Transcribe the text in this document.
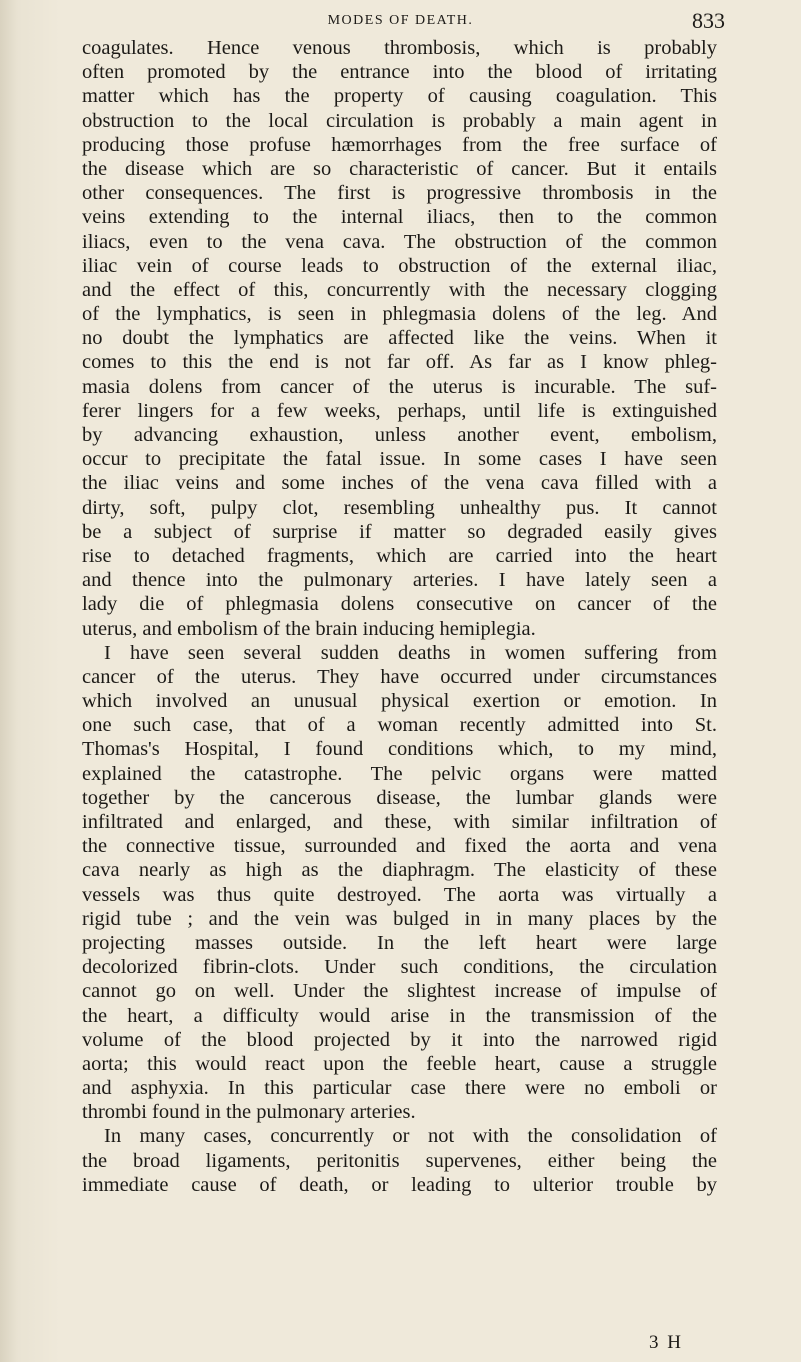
MODES OF DEATH.	833
coagulates. Hence venous thrombosis, which is probably
often promoted by the entrance into the blood of irritating
matter which has the property of causing coagulation. This
obstruction to the local circulation is probably a main agent in
producing those profuse hæmorrhages from the free surface of
the disease which are so characteristic of cancer. But it entails
other consequences. The first is progressive thrombosis in the
veins extending to the internal iliacs, then to the common
iliacs, even to the vena cava. The obstruction of the common
iliac vein of course leads to obstruction of the external iliac,
and the effect of this, concurrently with the necessary clogging
of the lymphatics, is seen in phlegmasia dolens of the leg. And
no doubt the lymphatics are affected like the veins. When it
comes to this the end is not far off. As far as I know phleg-
masia dolens from cancer of the uterus is incurable. The suf-
ferer lingers for a few weeks, perhaps, until life is extinguished
by advancing exhaustion, unless another event, embolism,
occur to precipitate the fatal issue. In some cases I have seen
the iliac veins and some inches of the vena cava filled with a
dirty, soft, pulpy clot, resembling unhealthy pus. It cannot
be a subject of surprise if matter so degraded easily gives
rise to detached fragments, which are carried into the heart
and thence into the pulmonary arteries. I have lately seen a
lady die of phlegmasia dolens consecutive on cancer of the
uterus, and embolism of the brain inducing hemiplegia.
I have seen several sudden deaths in women suffering from
cancer of the uterus. They have occurred under circumstances
which involved an unusual physical exertion or emotion. In
one such case, that of a woman recently admitted into St.
Thomas's Hospital, I found conditions which, to my mind,
explained the catastrophe. The pelvic organs were matted
together by the cancerous disease, the lumbar glands were
infiltrated and enlarged, and these, with similar infiltration of
the connective tissue, surrounded and fixed the aorta and vena
cava nearly as high as the diaphragm. The elasticity of these
vessels was thus quite destroyed. The aorta was virtually a
rigid tube ; and the vein was bulged in in many places by the
projecting masses outside. In the left heart were large
decolorized fibrin-clots. Under such conditions, the circulation
cannot go on well. Under the slightest increase of impulse of
the heart, a difficulty would arise in the transmission of the
volume of the blood projected by it into the narrowed rigid
aorta; this would react upon the feeble heart, cause a struggle
and asphyxia. In this particular case there were no emboli or
thrombi found in the pulmonary arteries.
In many cases, concurrently or not with the consolidation of
the broad ligaments, peritonitis supervenes, either being the
immediate cause of death, or leading to ulterior trouble by
3 H
